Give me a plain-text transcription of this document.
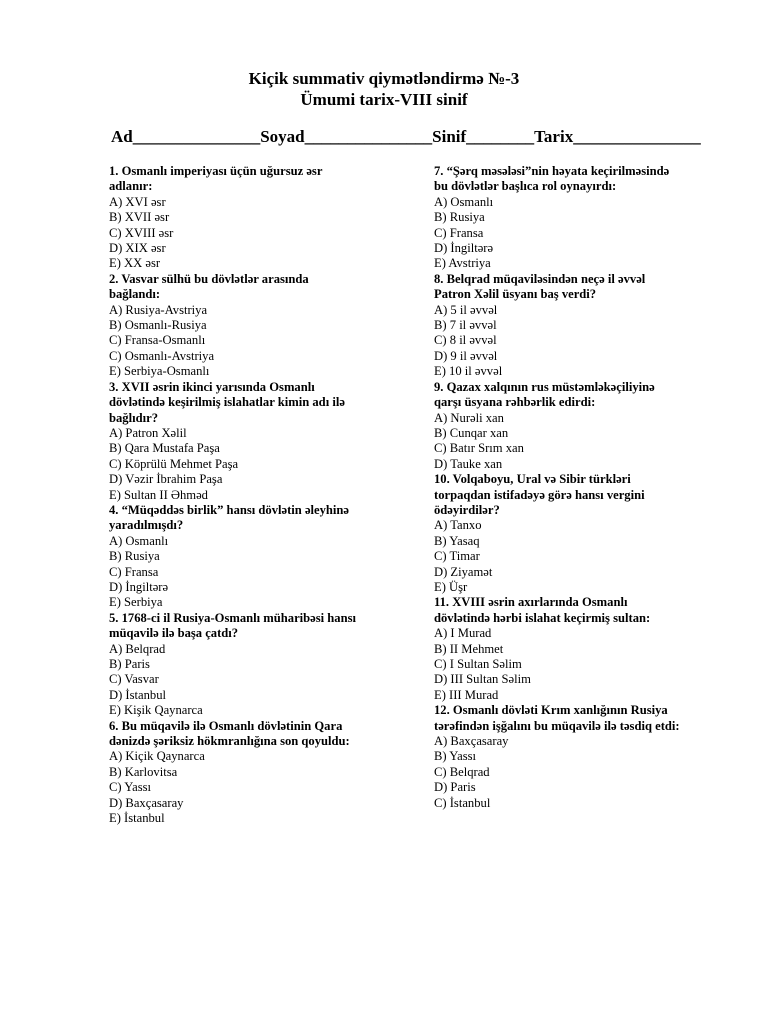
Kiçik summativ qiymətləndirmə №-3
Ümumi tarix-VIII sinif
Ad_______________Soyad_______________Sinif________Tarix_______________
1. Osmanlı imperiyası üçün uğursuz əsr
adlanır:
A) XVI əsr
B) XVII əsr
C) XVIII əsr
D) XIX əsr
E) XX əsr
2. Vasvar sülhü bu dövlətlər arasında
bağlandı:
A) Rusiya-Avstriya
B) Osmanlı-Rusiya
C) Fransa-Osmanlı
C) Osmanlı-Avstriya
E) Serbiya-Osmanlı
3. XVII əsrin ikinci yarısında Osmanlı
dövlətində keşirilmiş islahatlar kimin adı ilə
bağlıdır?
A) Patron Xəlil
B) Qara Mustafa Paşa
C) Köprülü Mehmet Paşa
D) Vəzir İbrahim Paşa
E) Sultan II Əhməd
4. “Müqəddəs birlik” hansı dövlətin əleyhinə
yaradılmışdı?
A) Osmanlı
B) Rusiya
C) Fransa
D) İngiltərə
E) Serbiya
5. 1768-ci il Rusiya-Osmanlı müharibəsi hansı
müqavilə ilə başa çatdı?
A) Belqrad
B) Paris
C) Vasvar
D) İstanbul
E) Kişik Qaynarca
6. Bu müqavilə ilə Osmanlı dövlətinin Qara
dənizdə şəriksiz hökmranlığına son qoyuldu:
A) Kiçik Qaynarca
B) Karlovitsa
C) Yassı
D) Baxçasaray
E) İstanbul
7. “Şərq məsələsi”nin həyata keçirilməsində
bu dövlətlər başlıca rol oynayırdı:
A) Osmanlı
B) Rusiya
C) Fransa
D) İngiltərə
E) Avstriya
8. Belqrad müqaviləsindən neçə il əvvəl
Patron Xəlil üsyanı baş verdi?
A) 5 il əvvəl
B) 7 il əvvəl
C) 8 il əvvəl
D) 9 il əvvəl
E) 10 il əvvəl
9. Qazax xalqının rus müstəmləkəçiliyinə
qarşı üsyana rəhbərlik edirdi:
A) Nurəli xan
B) Cunqar xan
C) Batır Srım xan
D) Tauke xan
10. Volqaboyu, Ural və Sibir türkləri
torpaqdan istifadəyə görə hansı vergini
ödəyirdilər?
A) Tanxo
B) Yasaq
C) Timar
D) Ziyamət
E) Üşr
11. XVIII əsrin axırlarında Osmanlı
dövlətində hərbi islahat keçirmiş sultan:
A) I Murad
B) II Mehmet
C) I Sultan Səlim
D) III Sultan Səlim
E) III Murad
12. Osmanlı dövləti Krım xanlığının Rusiya
tərəfindən işğalını bu müqavilə ilə təsdiq etdi:
A) Baxçasaray
B) Yassı
C) Belqrad
D) Paris
C) İstanbul
